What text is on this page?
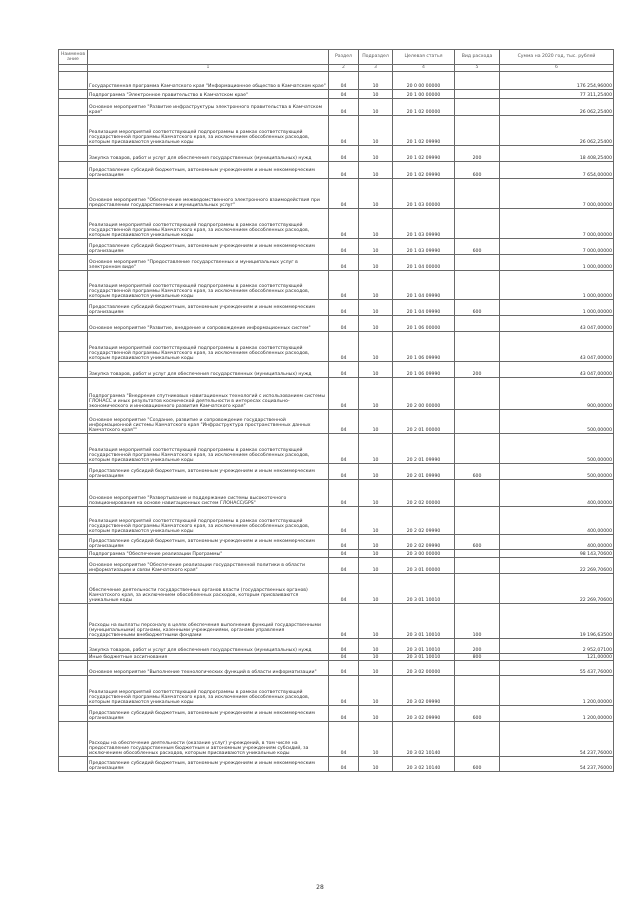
Наименование		Раздел	Подраздел	Целевая статья	Вид расхода	Сумма на 2020 год, тыс. рублей
	1	2	3	4	5	6
	Государственная программа Камчатского края "Информационное общество в Камчатском крае"	04	10	20 0 00 00000		176 254,96000
	Подпрограмма "Электронное правительство в Камчатском крае"	04	10	20 1 00 00000		77 311,25400
	Основное мероприятие "Развитие инфраструктуры электронного правительства в Камчатском крае"	04	10	20 1 02 00000		26 062,25400
	Реализация мероприятий соответствующей подпрограммы в рамках соответствующей государственной программы Камчатского края, за исключением обособленных расходов, которым присваиваются уникальные коды	04	10	20 1 02 09990		26 062,25400
	Закупка товаров, работ и услуг для обеспечения государственных (муниципальных) нужд	04	10	20 1 02 09990	200	18 408,25400
	Предоставление субсидий бюджетным, автономным учреждениям и иным некоммерческим организациям	04	10	20 1 02 09990	600	7 654,00000
	Основное мероприятие "Обеспечение межведомственного электронного взаимодействия при предоставлении государственных и муниципальных услуг"	04	10	20 1 03 00000		7 000,00000
	Реализация мероприятий соответствующей подпрограммы в рамках соответствующей государственной программы Камчатского края, за исключением обособленных расходов, которым присваиваются уникальные коды	04	10	20 1 03 09990		7 000,00000
	Предоставление субсидий бюджетным, автономным учреждениям и иным некоммерческим организациям	04	10	20 1 03 09990	600	7 000,00000
	Основное мероприятие "Предоставление государственных и муниципальных услуг в электронном виде"	04	10	20 1 04 00000		1 000,00000
	Реализация мероприятий соответствующей подпрограммы в рамках соответствующей государственной программы Камчатского края, за исключением обособленных расходов, которым присваиваются уникальные коды	04	10	20 1 04 09990		1 000,00000
	Предоставление субсидий бюджетным, автономным учреждениям и иным некоммерческим организациям	04	10	20 1 04 09990	600	1 000,00000
	Основное мероприятие "Развитие, внедрение и сопровождение информационных систем"	04	10	20 1 06 00000		43 047,00000
	Реализация мероприятий соответствующей подпрограммы в рамках соответствующей государственной программы Камчатского края, за исключением обособленных расходов, которым присваиваются уникальные коды	04	10	20 1 06 09990		43 047,00000
	Закупка товаров, работ и услуг для обеспечения государственных (муниципальных) нужд	04	10	20 1 06 09990	200	43 047,00000
	Подпрограмма "Внедрение спутниковых навигационных технологий с использованием системы ГЛОНАСС и иных результатов космической деятельности в интересах социально-экономического и инновационного развития Камчатского края"	04	10	20 2 00 00000		900,00000
	Основное мероприятие "Создание, развитие и сопровождение государственной информационной системы Камчатского края "Инфраструктура пространственных данных Камчатского края""	04	10	20 2 01 00000		500,00000
	Реализация мероприятий соответствующей подпрограммы в рамках соответствующей государственной программы Камчатского края, за исключением обособленных расходов, которым присваиваются уникальные коды	04	10	20 2 01 09990		500,00000
	Предоставление субсидий бюджетным, автономным учреждениям и иным некоммерческим организациям	04	10	20 2 01 09990	600	500,00000
	Основное мероприятие "Развертывание и поддержание системы высокоточного позиционирования на основе навигационных систем ГЛОНАСС/GPS"	04	10	20 2 02 00000		400,00000
	Реализация мероприятий соответствующей подпрограммы в рамках соответствующей государственной программы Камчатского края, за исключением обособленных расходов, которым присваиваются уникальные коды	04	10	20 2 02 09990		400,00000
	Предоставление субсидий бюджетным, автономным учреждениям и иным некоммерческим организациям	04	10	20 2 02 09990	600	400,00000
	Подпрограмма "Обеспечение реализации Программы"	04	10	20 3 00 00000		98 143,70600
	Основное мероприятие "Обеспечение реализации государственной политики в области информатизации и связи Камчатского края"	04	10	20 3 01 00000		22 269,70600
	Обеспечение деятельности государственных органов власти (государственных органов) Камчатского края, за исключением обособленных расходов, которым присваиваются уникальные коды	04	10	20 3 01 10010		22 269,70600
	Расходы на выплаты персоналу в целях обеспечения выполнения функций государственными (муниципальными) органами, казенными учреждениями, органами управления государственными внебюджетными фондами	04	10	20 3 01 10010	100	19 196,63500
	Закупка товаров, работ и услуг для обеспечения государственных (муниципальных) нужд	04	10	20 3 01 10010	200	2 952,07100
	Иные бюджетные ассигнования	04	10	20 3 01 10010	800	121,00000
	Основное мероприятие "Выполнение технологических функций в области информатизации"	04	10	20 3 02 00000		55 437,76000
	Реализация мероприятий соответствующей подпрограммы в рамках соответствующей государственной программы Камчатского края, за исключением обособленных расходов, которым присваиваются уникальные коды	04	10	20 3 02 09990		1 200,00000
	Предоставление субсидий бюджетным, автономным учреждениям и иным некоммерческим организациям	04	10	20 3 02 09990	600	1 200,00000
	Расходы на обеспечение деятельности (оказание услуг) учреждений, в том числе на предоставление государственным бюджетным и автономным учреждениям субсидий, за исключением обособленных расходов, которым присваиваются уникальные коды	04	10	20 3 02 10140		54 237,76000
	Предоставление субсидий бюджетным, автономным учреждениям и иным некоммерческим организациям	04	10	20 3 02 10140	600	54 237,76000
28
